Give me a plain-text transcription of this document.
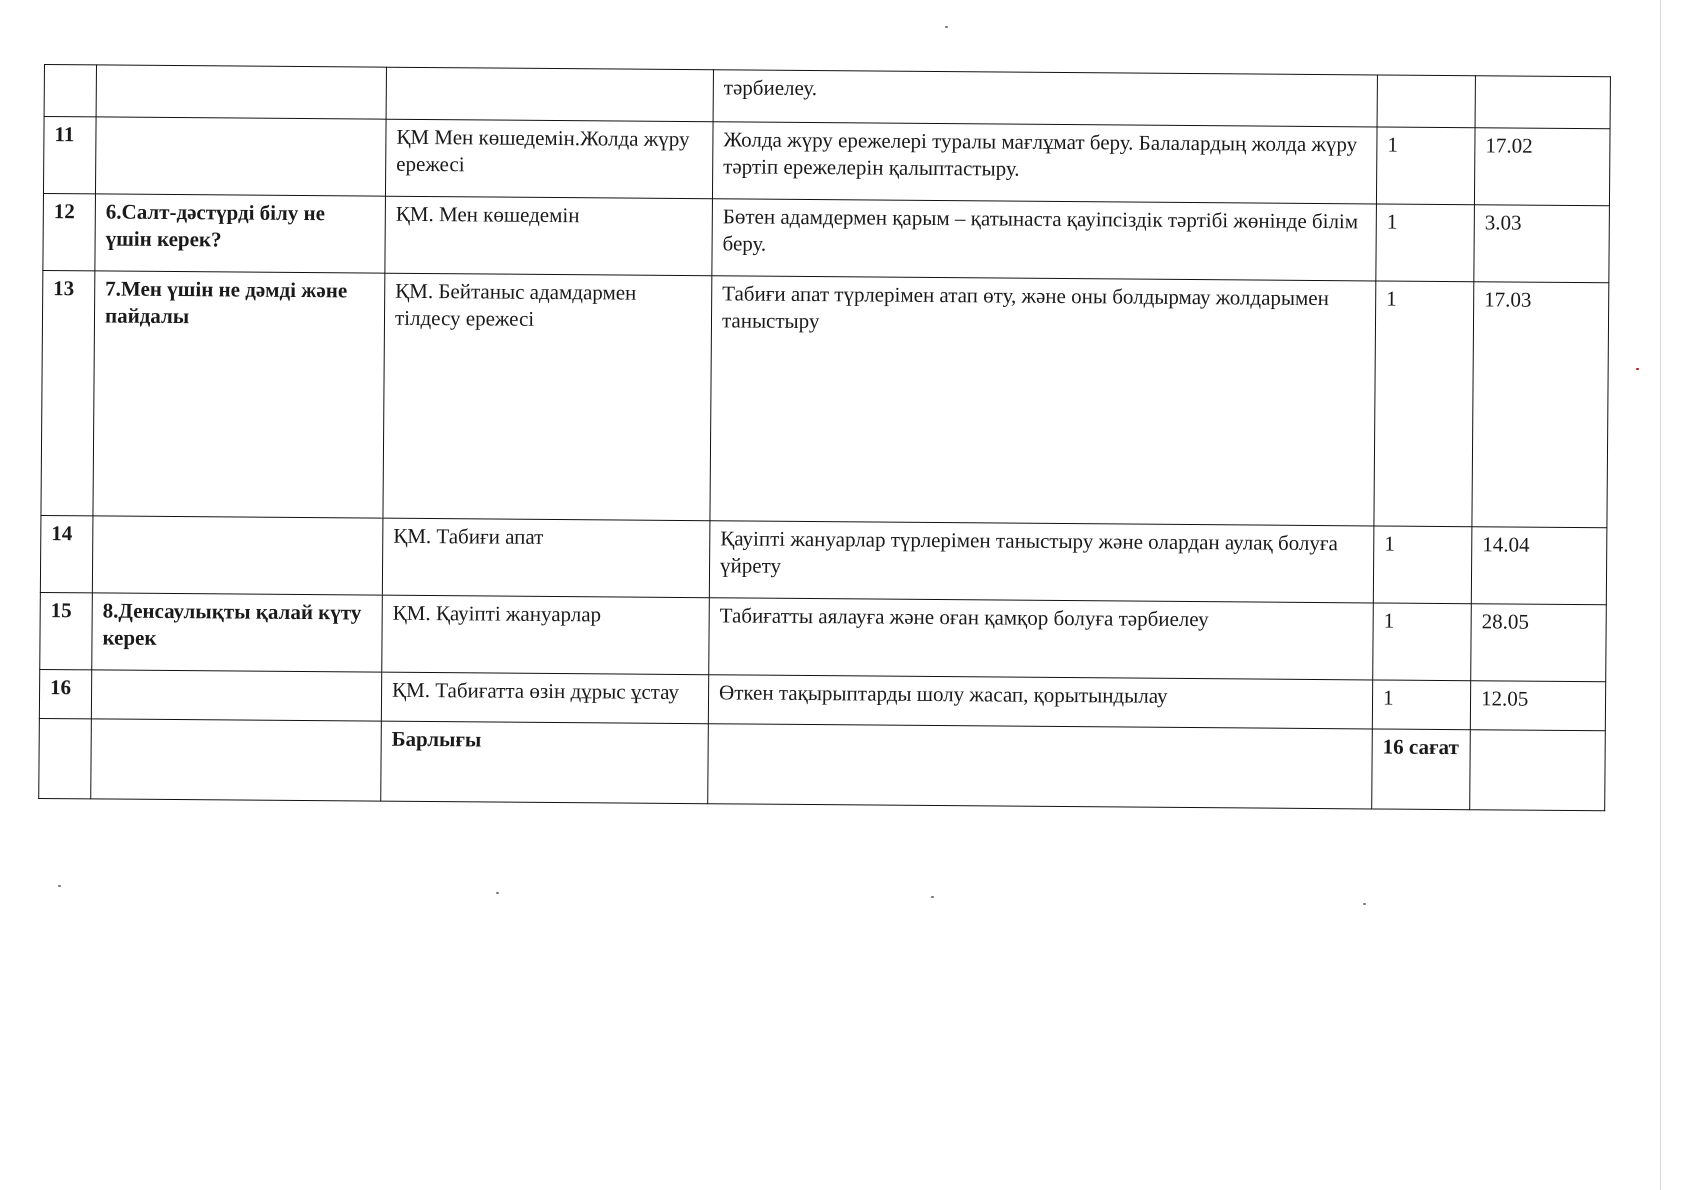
			тәрбиелеу.		
11		ҚМ Мен көшедемін.Жолда жүру ережесі	Жолда жүру ережелері туралы мағлұмат беру. Балалардың жолда жүру тәртіп ережелерін қалыптастыру.	1	17.02
12	6.Салт-дәстүрді білу не үшін керек?	ҚМ. Мен көшедемін	Бөтен адамдермен қарым – қатынаста қауіпсіздік тәртібі жөнінде білім беру.	1	3.03
13	7.Мен үшін не дәмді және пайдалы	ҚМ. Бейтаныс адамдармен тілдесу ережесі	Табиғи апат түрлерімен атап өту, және оны болдырмау жолдарымен таныстыру	1	17.03
14		ҚМ. Табиғи апат	Қауіпті жануарлар түрлерімен таныстыру және олардан аулақ болуға үйрету	1	14.04
15	8.Денсаулықты қалай күту керек	ҚМ. Қауіпті жануарлар	Табиғатты аялауға және оған қамқор болуға тәрбиелеу	1	28.05
16		ҚМ. Табиғатта өзін дұрыс ұстау	Өткен тақырыптарды шолу жасап, қорытындылау	1	12.05
		Барлығы		16 сағат	
